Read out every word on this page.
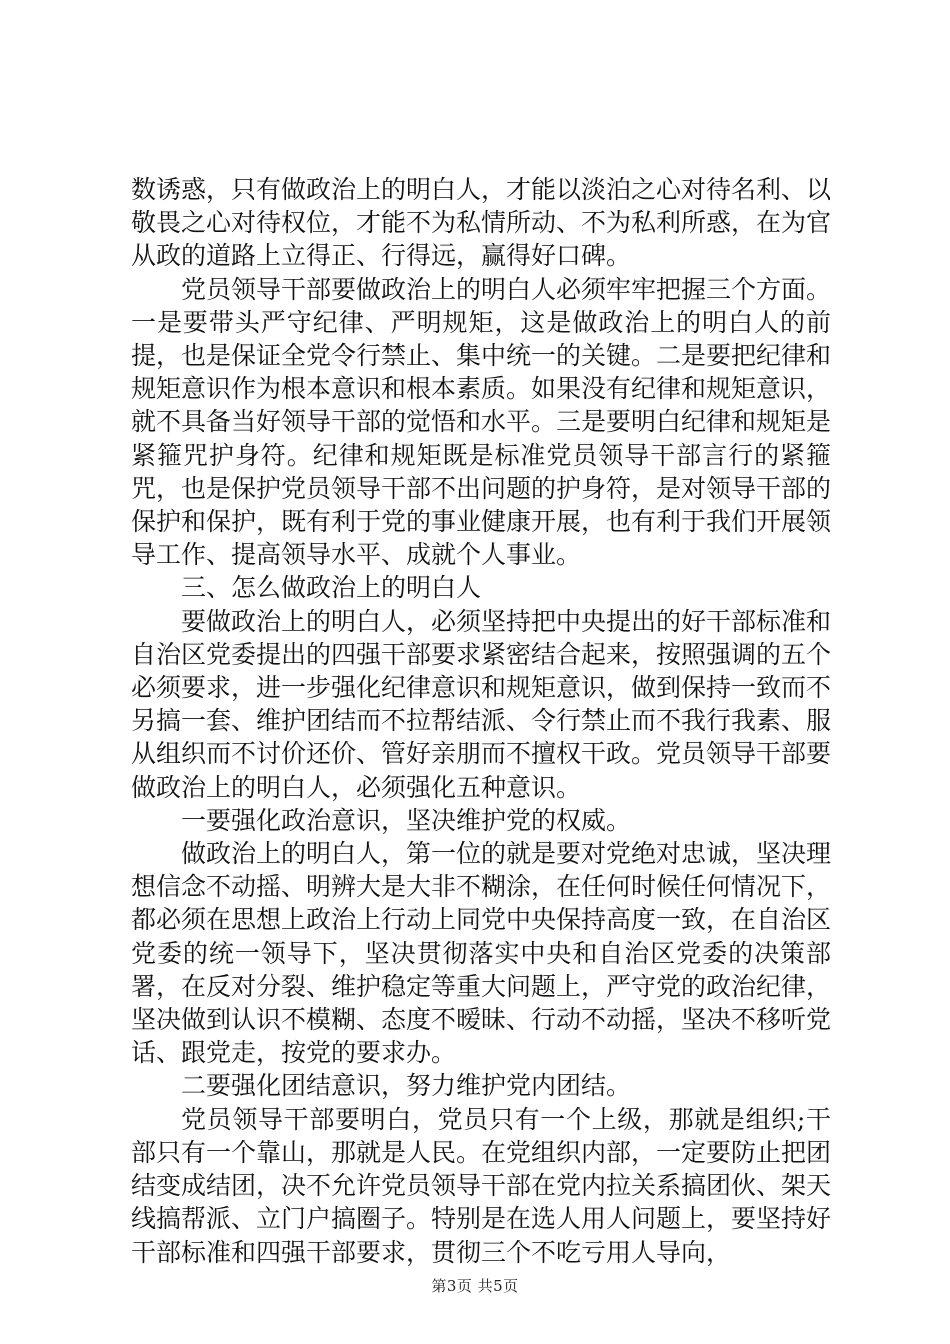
数诱惑，只有做政治上的明白人，才能以淡泊之心对待名利、以敬畏之心对待权位，才能不为私情所动、不为私利所惑，在为官从政的道路上立得正、行得远，赢得好口碑。

党员领导干部要做政治上的明白人必须牢牢把握三个方面。一是要带头严守纪律、严明规矩，这是做政治上的明白人的前提，也是保证全党令行禁止、集中统一的关键。二是要把纪律和规矩意识作为根本意识和根本素质。如果没有纪律和规矩意识，就不具备当好领导干部的觉悟和水平。三是要明白纪律和规矩是紧箍咒护身符。纪律和规矩既是标准党员领导干部言行的紧箍咒，也是保护党员领导干部不出问题的护身符，是对领导干部的保护和保护，既有利于党的事业健康开展，也有利于我们开展领导工作、提高领导水平、成就个人事业。

三、怎么做政治上的明白人

要做政治上的明白人，必须坚持把中央提出的好干部标准和自治区党委提出的四强干部要求紧密结合起来，按照强调的五个必须要求，进一步强化纪律意识和规矩意识，做到保持一致而不另搞一套、维护团结而不拉帮结派、令行禁止而不我行我素、服从组织而不讨价还价、管好亲朋而不擅权干政。党员领导干部要做政治上的明白人，必须强化五种意识。

一要强化政治意识，坚决维护党的权威。

做政治上的明白人，第一位的就是要对党绝对忠诚，坚决理想信念不动摇、明辨大是大非不糊涂，在任何时候任何情况下，都必须在思想上政治上行动上同党中央保持高度一致，在自治区党委的统一领导下，坚决贯彻落实中央和自治区党委的决策部署，在反对分裂、维护稳定等重大问题上，严守党的政治纪律，坚决做到认识不模糊、态度不暧昧、行动不动摇，坚决不移听党话、跟党走，按党的要求办。

二要强化团结意识，努力维护党内团结。

党员领导干部要明白，党员只有一个上级，那就是组织;干部只有一个靠山，那就是人民。在党组织内部，一定要防止把团结变成结团，决不允许党员领导干部在党内拉关系搞团伙、架天线搞帮派、立门户搞圈子。特别是在选人用人问题上，要坚持好干部标准和四强干部要求，贯彻三个不吃亏用人导向，

第3页 共5页
